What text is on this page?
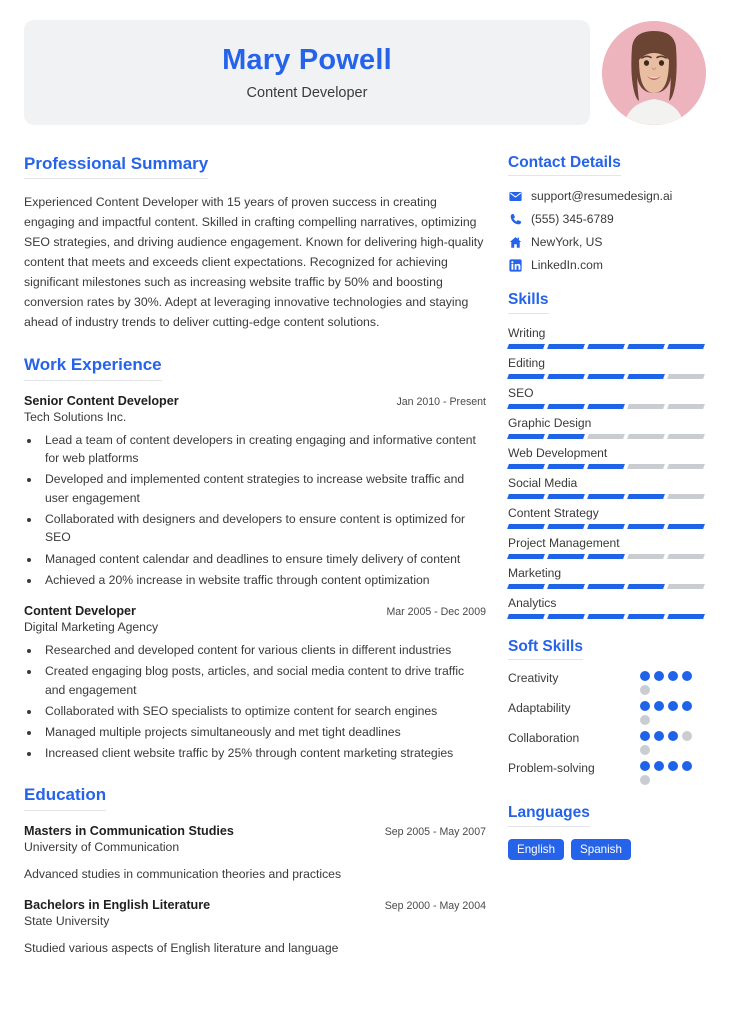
Mary Powell
Content Developer
Professional Summary

Experienced Content Developer with 15 years of proven success in creating engaging and impactful content. Skilled in crafting compelling narratives, optimizing SEO strategies, and driving audience engagement. Known for delivering high-quality content that meets and exceeds client expectations. Recognized for achieving significant milestones such as increasing website traffic by 50% and boosting conversion rates by 30%. Adept at leveraging innovative technologies and staying ahead of industry trends to deliver cutting-edge content solutions.

Work Experience
Senior Content Developer	Jan 2010 - Present
Tech Solutions Inc.
• Lead a team of content developers in creating engaging and informative content for web platforms
• Developed and implemented content strategies to increase website traffic and user engagement
• Collaborated with designers and developers to ensure content is optimized for SEO
• Managed content calendar and deadlines to ensure timely delivery of content
• Achieved a 20% increase in website traffic through content optimization
Content Developer	Mar 2005 - Dec 2009
Digital Marketing Agency
• Researched and developed content for various clients in different industries
• Created engaging blog posts, articles, and social media content to drive traffic and engagement
• Collaborated with SEO specialists to optimize content for search engines
• Managed multiple projects simultaneously and met tight deadlines
• Increased client website traffic by 25% through content marketing strategies
Education
Masters in Communication Studies	Sep 2005 - May 2007
University of Communication
Advanced studies in communication theories and practices
Bachelors in English Literature	Sep 2000 - May 2004
State University
Studied various aspects of English literature and language
Contact Details
support@resumedesign.ai
(555) 345-6789
NewYork, US
LinkedIn.com
Skills
Writing
Editing
SEO
Graphic Design
Web Development
Social Media
Content Strategy
Project Management
Marketing
Analytics
Soft Skills
Creativity
Adaptability
Collaboration
Problem-solving
Languages
English	Spanish
